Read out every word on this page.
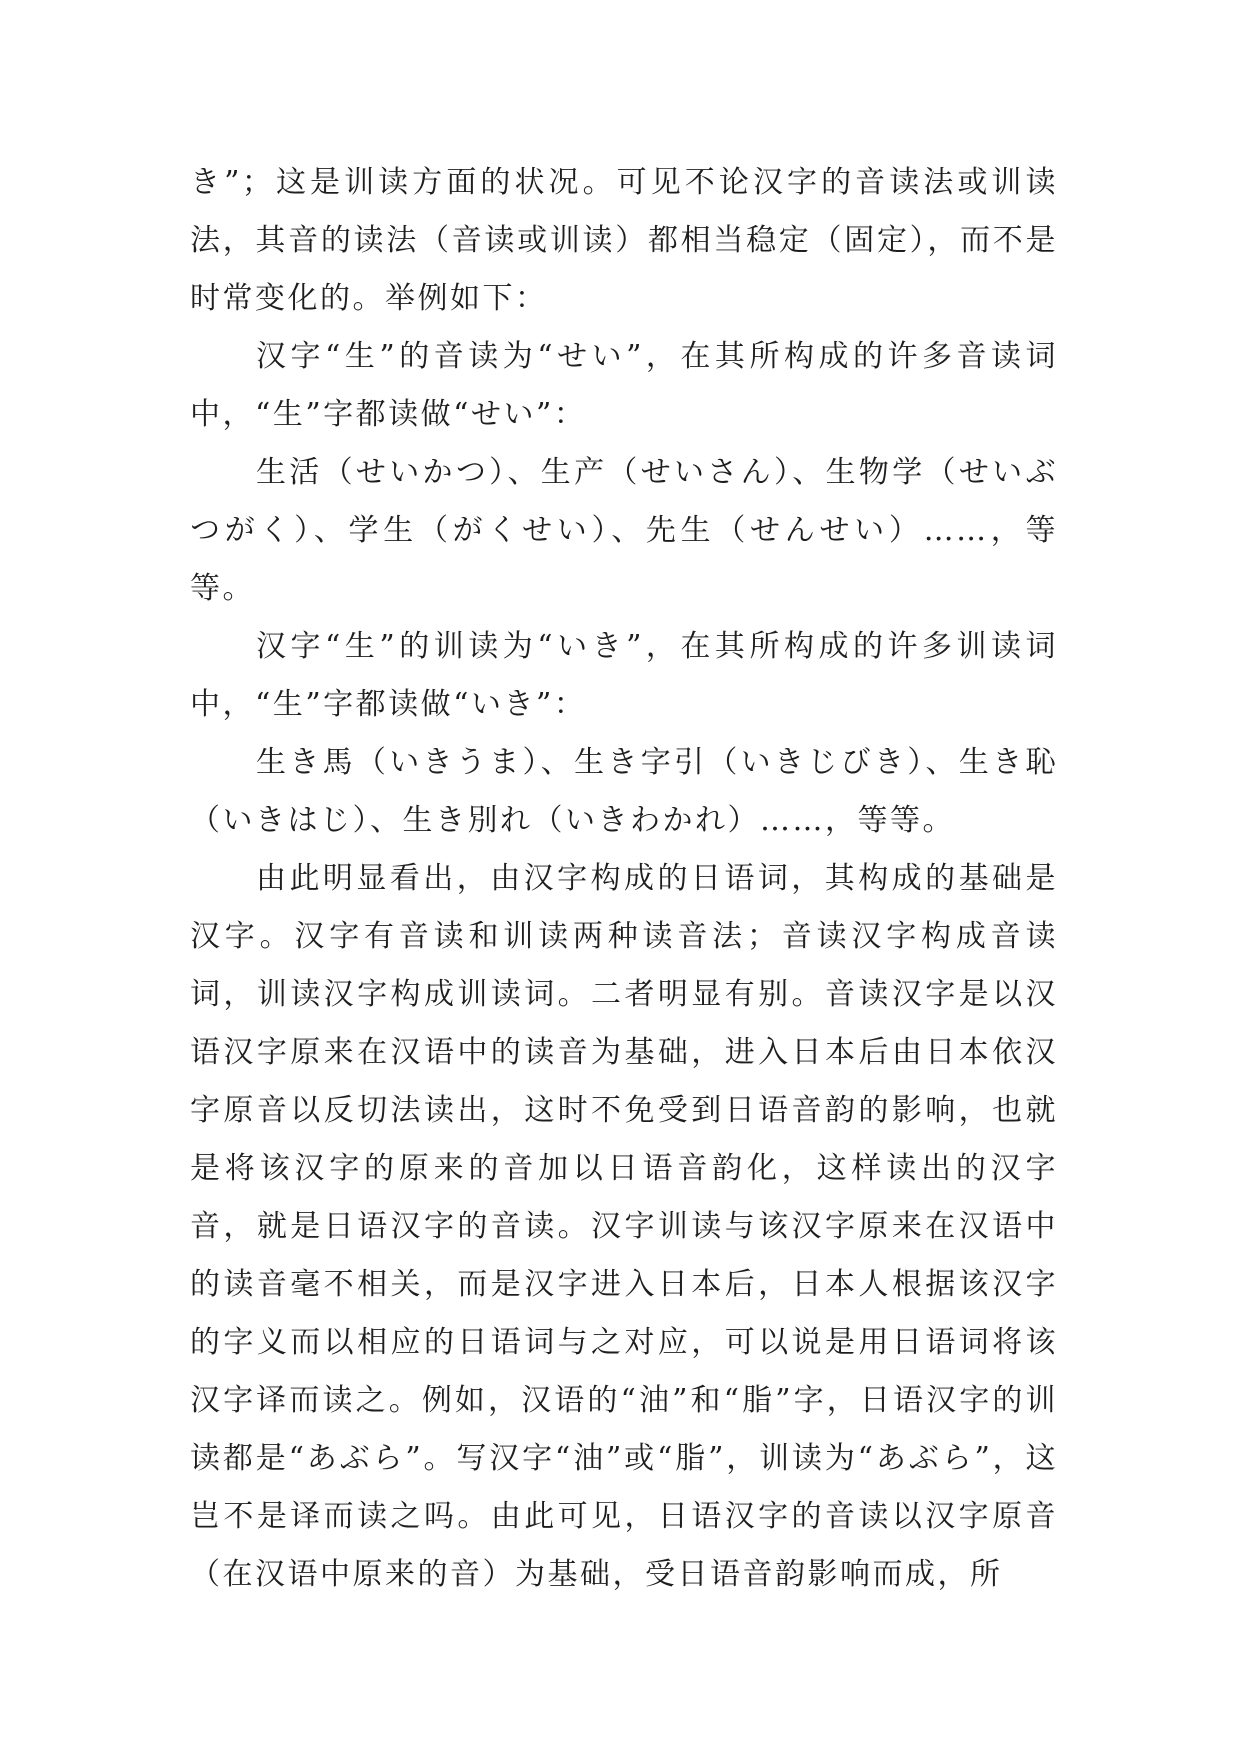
き”；这是训读方面的状况。可见不论汉字的音读法或训读法，其音的读法（音读或训读）都相当稳定（固定），而不是时常变化的。举例如下：

汉字“生”的音读为“せい”，在其所构成的许多音读词中，“生”字都读做“せい”：

生活（せいかつ）、生产（せいさん）、生物学（せいぶつがく）、学生（がくせい）、先生（せんせい）……，等等。

汉字“生”的训读为“いき”，在其所构成的许多训读词中，“生”字都读做“いき”：

生き馬（いきうま）、生き字引（いきじびき）、生き恥（いきはじ）、生き別れ（いきわかれ）……，等等。

由此明显看出，由汉字构成的日语词，其构成的基础是汉字。汉字有音读和训读两种读音法；音读汉字构成音读词，训读汉字构成训读词。二者明显有别。音读汉字是以汉语汉字原来在汉语中的读音为基础，进入日本后由日本依汉字原音以反切法读出，这时不免受到日语音韵的影响，也就是将该汉字的原来的音加以日语音韵化，这样读出的汉字音，就是日语汉字的音读。汉字训读与该汉字原来在汉语中的读音毫不相关，而是汉字进入日本后，日本人根据该汉字的字义而以相应的日语词与之对应，可以说是用日语词将该汉字译而读之。例如，汉语的“油”和“脂”字，日语汉字的训读都是“あぶら”。写汉字“油”或“脂”，训读为“あぶら”，这岂不是译而读之吗。由此可见，日语汉字的音读以汉字原音（在汉语中原来的音）为基础，受日语音韵影响而成，所
